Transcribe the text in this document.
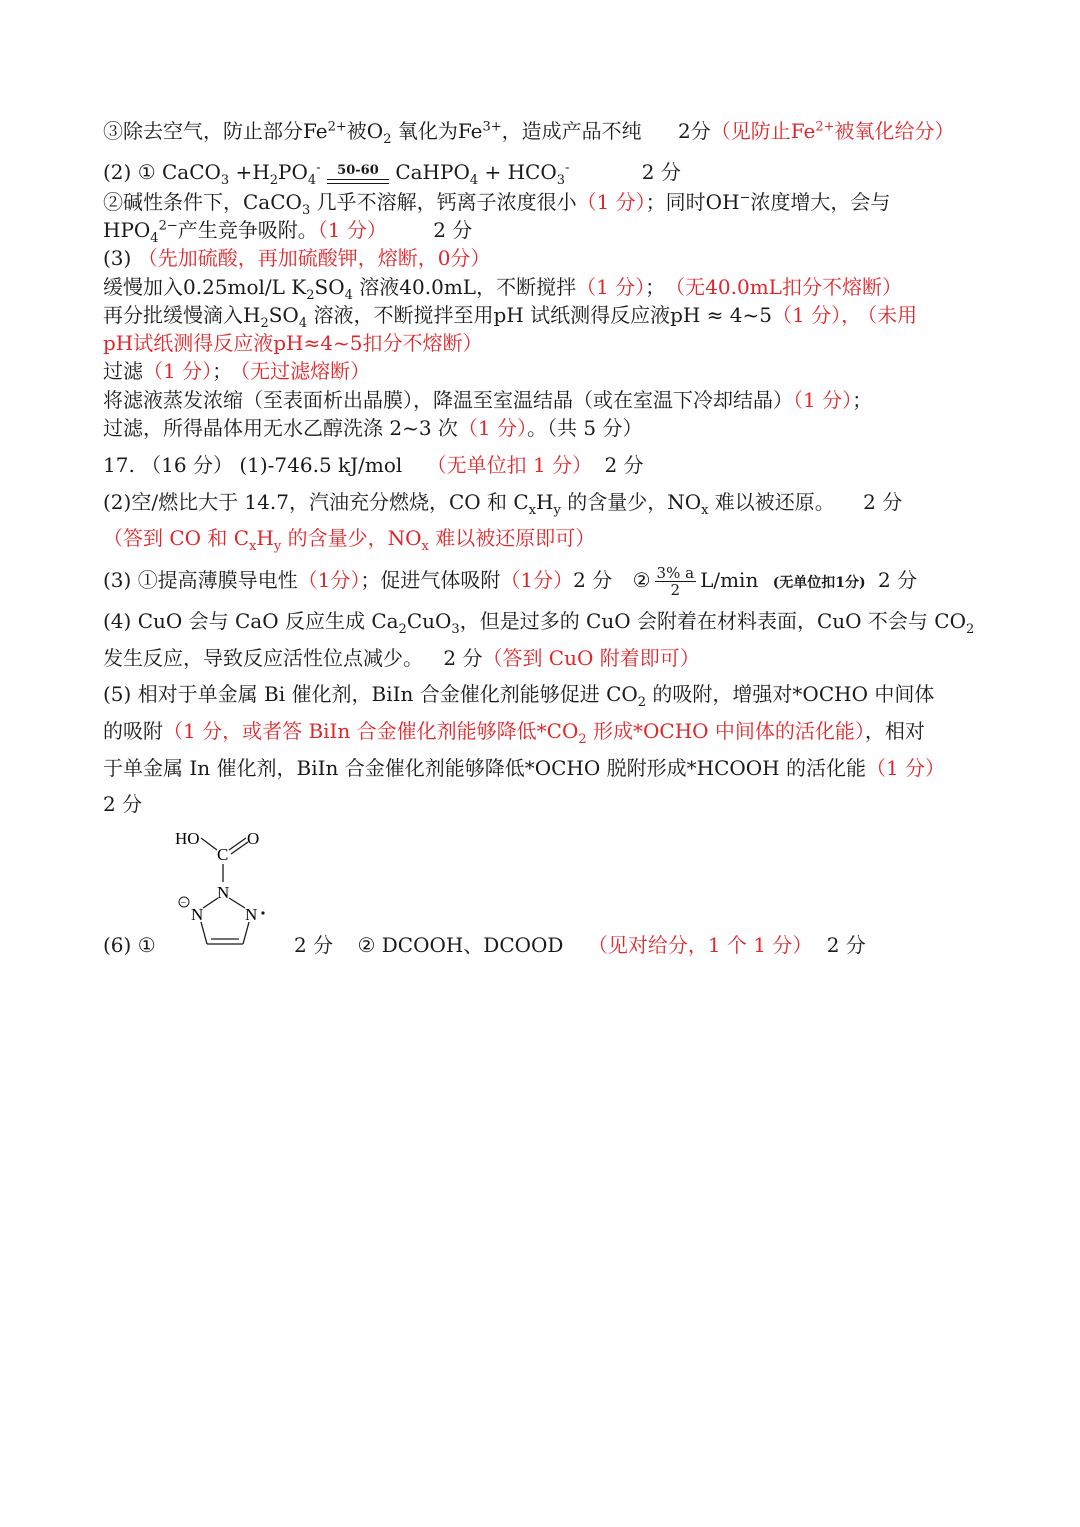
③除去空气，防止部分$Fe^{2+}$被$O_2$ 氧化为$Fe^{3+}$，造成产品不纯 2分（见防止$Fe^{2+}$被氧化给分）
(2) ① CaCO$_3$ $+H_2PO_4^-$	50-60 CaHPO$_4$ + $HCO_3^-$	2 分
②碱性条件下，CaCO$_3$ 几乎不溶解，钙离子浓度很小（1 分）；同时OH−浓度增大，会与
$HPO_4^{2-}$产生竞争吸附。（1 分） 2 分
(3) （先加硫酸，再加硫酸钾，熔断，0分）
缓慢加入0.25mol/L $K_2SO_4$ 溶液40.0mL，不断搅拌（1 分）； （无40.0mL扣分不熔断）
再分批缓慢滴入$H_2SO_4$ 溶液，不断搅拌至用pH 试纸测得反应液pH ≈ 4~5（1 分）， （未用
pH试纸测得反应液pH≈4~5扣分不熔断）
过滤（1 分）； （无过滤熔断）
将滤液蒸发浓缩（至表面析出晶膜），降温至室温结晶（或在室温下冷却结晶）（1 分）；
过滤，所得晶体用无水乙醇洗涤 2~3 次（1 分）。（共 5 分）
17. （16 分） (1)-746.5 kJ/mol （无单位扣 1 分） 2 分
(2)空/燃比大于 14.7，汽油充分燃烧，CO 和 $C_xH_y$ 的含量少，$NO_x$ 难以被还原。 2 分
（答到 CO 和 $C_xH_y$ 的含量少，$NO_x$ 难以被还原即可）
(3) ①提高薄膜导电性（1分）；促进气体吸附（1分）2 分 ② $\frac{3\% a}{2} L/\min$ (无单位扣1分) 2 分
(4) CuO 会与 CaO 反应生成 $Ca_2CuO_3$，但是过多的 CuO 会附着在材料表面，CuO 不会与 $CO_2$
发生反应，导致反应活性位点减少。 2 分（答到 CuO 附着即可）
(5) 相对于单金属 Bi 催化剂，BiIn 合金催化剂能够促进 $CO_2$ 的吸附，增强对*OCHO 中间体
的吸附（1 分，或者答 BiIn 合金催化剂能够降低$*CO_2$ 形成*OCHO 中间体的活化能），相对
于单金属 In 催化剂，BiIn 合金催化剂能够降低*OCHO 脱附形成*HCOOH 的活化能（1 分）
2 分
HO
C
O
N
N N
−
(6) ①	2 分 ② DCOOH、DCOOD （见对给分，1 个 1 分） 2 分
